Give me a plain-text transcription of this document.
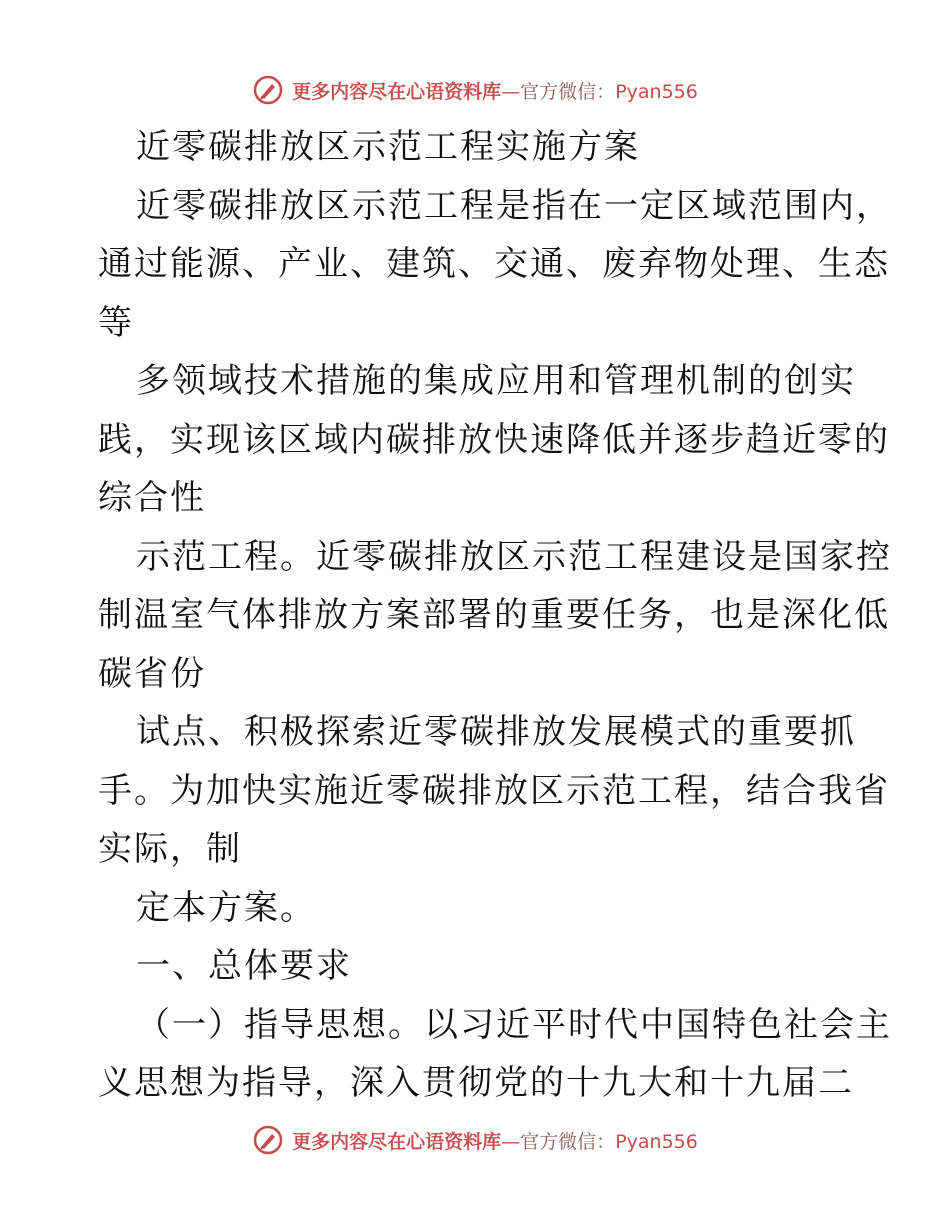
更多内容尽在心语资料库—官方微信：Pyan556
近零碳排放区示范工程实施方案
近零碳排放区示范工程是指在一定区域范围内，
通过能源、产业、建筑、交通、废弃物处理、生态
等
多领域技术措施的集成应用和管理机制的创实
践，实现该区域内碳排放快速降低并逐步趋近零的
综合性
示范工程。近零碳排放区示范工程建设是国家控
制温室气体排放方案部署的重要任务，也是深化低
碳省份
试点、积极探索近零碳排放发展模式的重要抓
手。为加快实施近零碳排放区示范工程，结合我省
实际，制
定本方案。
一、总体要求
（一）指导思想。以习近平时代中国特色社会主
义思想为指导，深入贯彻党的十九大和十九届二
更多内容尽在心语资料库—官方微信：Pyan556
